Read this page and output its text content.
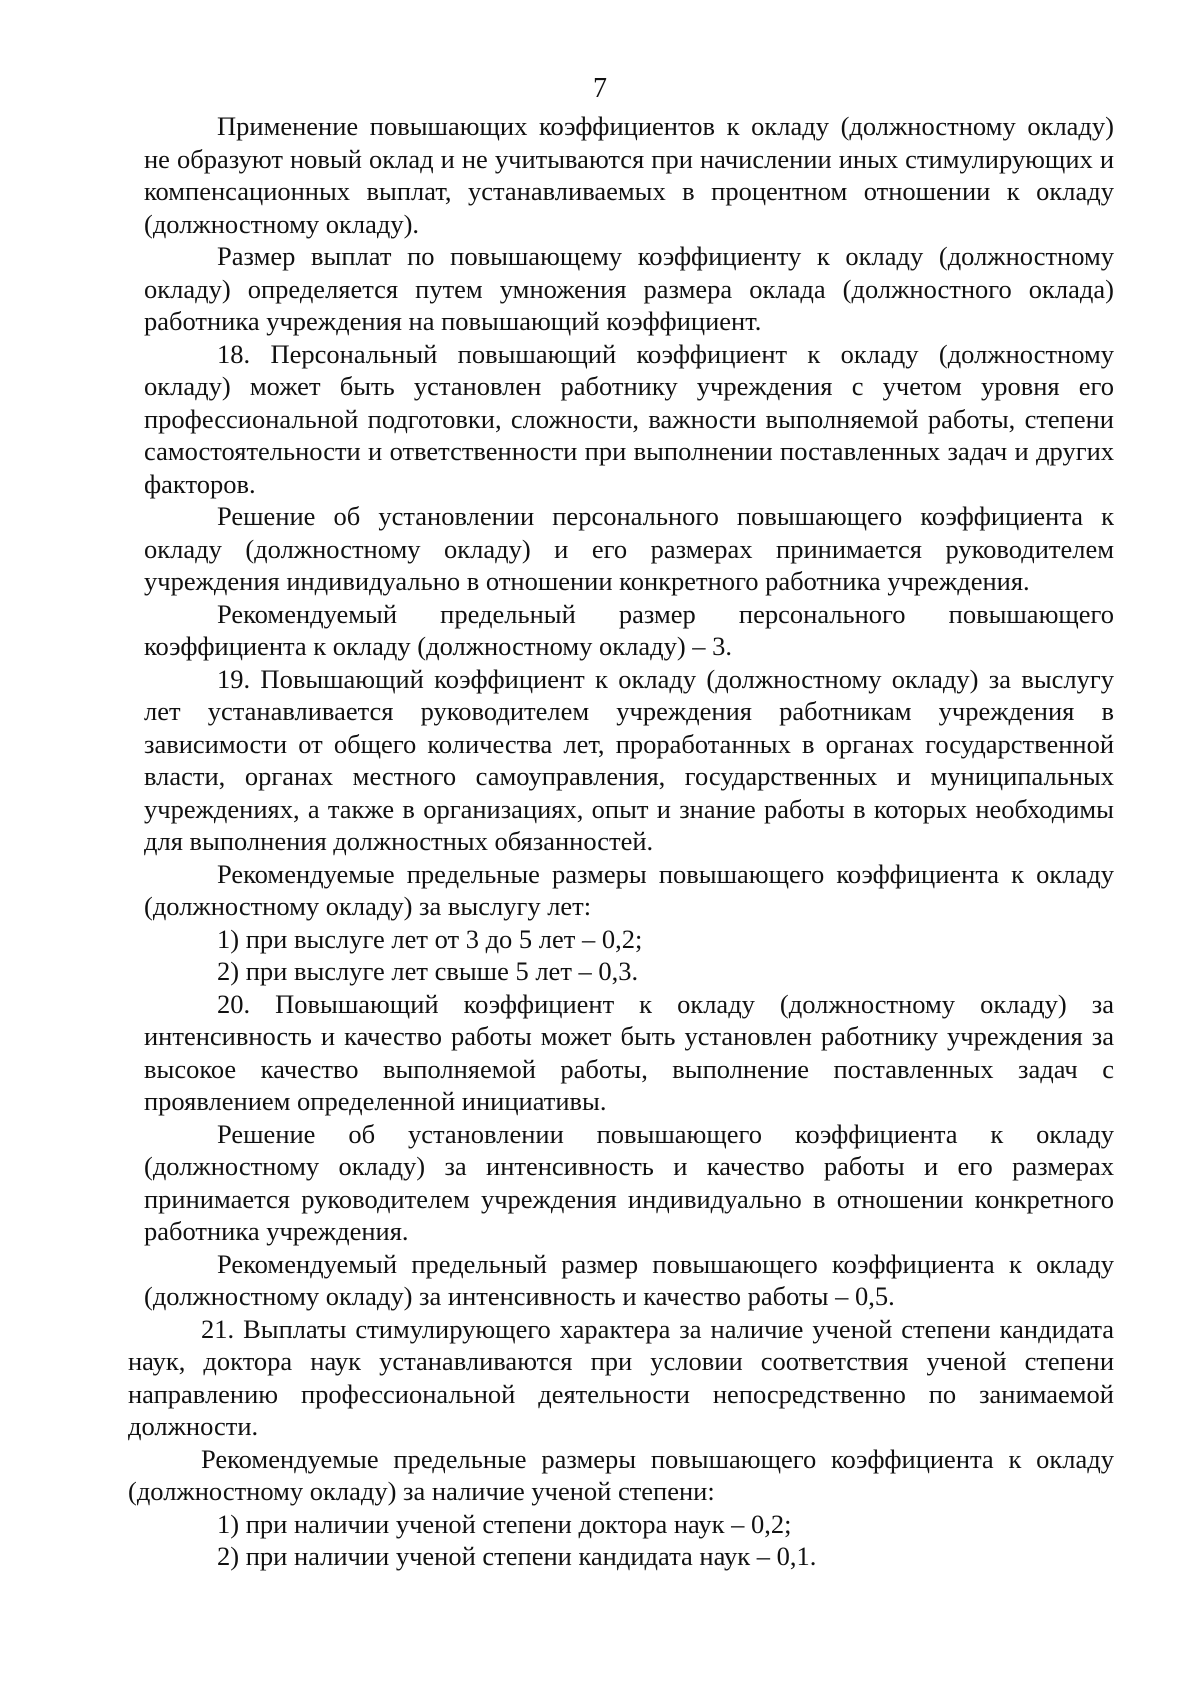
7

Применение повышающих коэффициентов к окладу (должностному окладу) не образуют новый оклад и не учитываются при начислении иных стимулирующих и компенсационных выплат, устанавливаемых в процентном отношении к окладу (должностному окладу).

Размер выплат по повышающему коэффициенту к окладу (должностному окладу) определяется путем умножения размера оклада (должностного оклада) работника учреждения на повышающий коэффициент.

18. Персональный повышающий коэффициент к окладу (должностному окладу) может быть установлен работнику учреждения с учетом уровня его профессиональной подготовки, сложности, важности выполняемой работы, степени самостоятельности и ответственности при выполнении поставленных задач и других факторов.

Решение об установлении персонального повышающего коэффициента к окладу (должностному окладу) и его размерах принимается руководителем учреждения индивидуально в отношении конкретного работника учреждения.

Рекомендуемый предельный размер персонального повышающего коэффициента к окладу (должностному окладу) – 3.

19. Повышающий коэффициент к окладу (должностному окладу) за выслугу лет устанавливается руководителем учреждения работникам учреждения в зависимости от общего количества лет, проработанных в органах государственной власти, органах местного самоуправления, государственных и муниципальных учреждениях, а также в организациях, опыт и знание работы в которых необходимы для выполнения должностных обязанностей.

Рекомендуемые предельные размеры повышающего коэффициента к окладу (должностному окладу) за выслугу лет:

1) при выслуге лет от 3 до 5 лет – 0,2;

2) при выслуге лет свыше 5 лет – 0,3.

20. Повышающий коэффициент к окладу (должностному окладу) за интенсивность и качество работы может быть установлен работнику учреждения за высокое качество выполняемой работы, выполнение поставленных задач с проявлением определенной инициативы.

Решение об установлении повышающего коэффициента к окладу (должностному окладу) за интенсивность и качество работы и его размерах принимается руководителем учреждения индивидуально в отношении конкретного работника учреждения.

Рекомендуемый предельный размер повышающего коэффициента к окладу (должностному окладу) за интенсивность и качество работы – 0,5.

21. Выплаты стимулирующего характера за наличие ученой степени кандидата наук, доктора наук устанавливаются при условии соответствия ученой степени направлению профессиональной деятельности непосредственно по занимаемой должности.

Рекомендуемые предельные размеры повышающего коэффициента к окладу (должностному окладу) за наличие ученой степени:

1) при наличии ученой степени доктора наук – 0,2;

2) при наличии ученой степени кандидата наук – 0,1.
